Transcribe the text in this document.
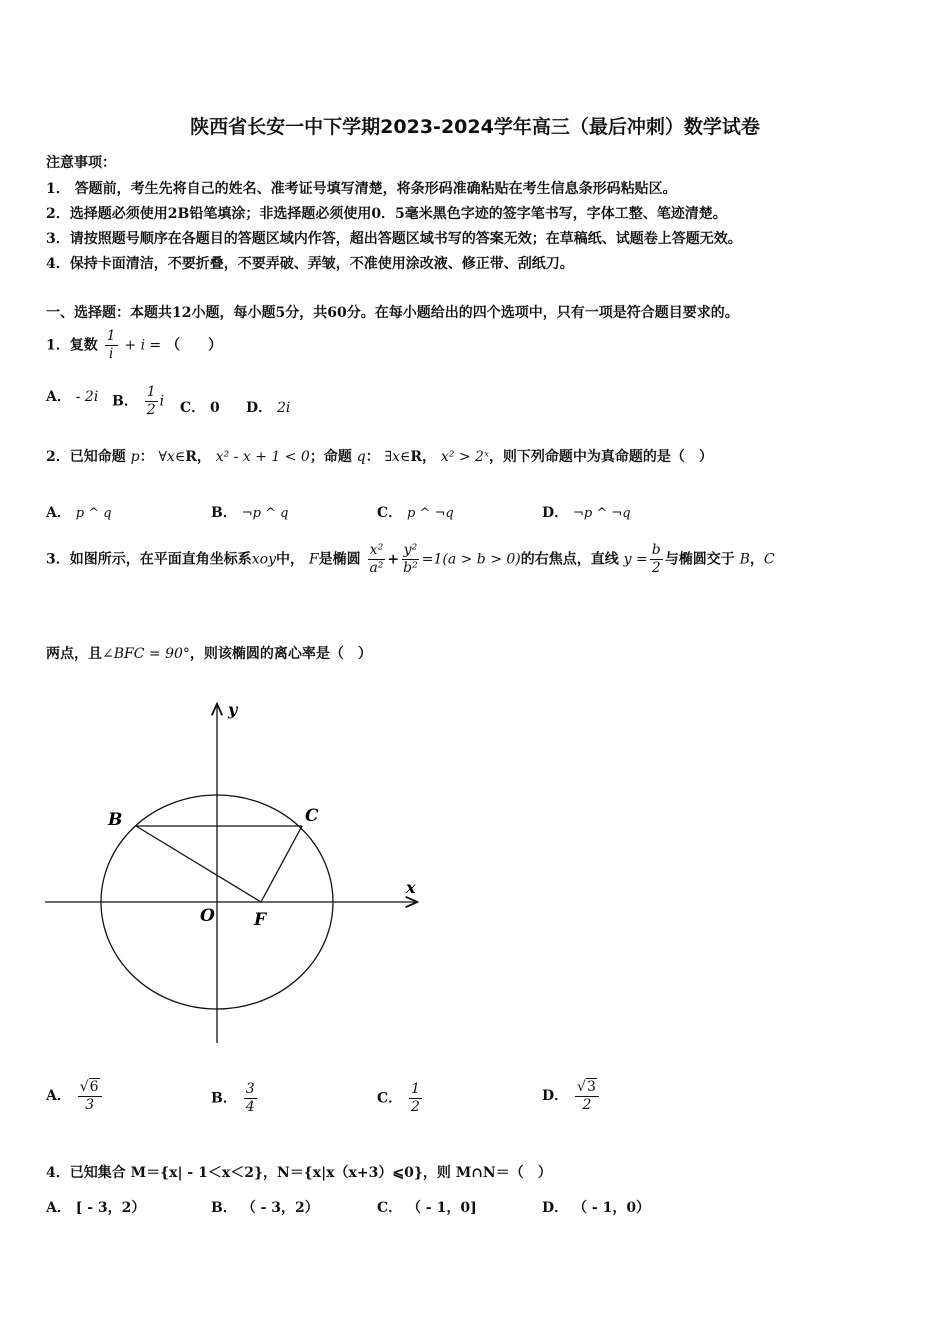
陕西省长安一中下学期2023-2024学年高三（最后冲刺）数学试卷
注意事项：
1． 答题前，考生先将自己的姓名、准考证号填写清楚，将条形码准确粘贴在考生信息条形码粘贴区。
2．选择题必须使用2B铅笔填涂；非选择题必须使用0．5毫米黑色字迹的签字笔书写，字体工整、笔迹清楚。
3．请按照题号顺序在各题目的答题区域内作答，超出答题区域书写的答案无效；在草稿纸、试题卷上答题无效。
4．保持卡面清洁，不要折叠，不要弄破、弄皱，不准使用涂改液、修正带、刮纸刀。
一、选择题：本题共12小题，每小题5分，共60分。在每小题给出的四个选项中，只有一项是符合题目要求的。
1．复数 $\frac{1}{i} + i$ = （　　）
A． - 2i B． $\frac{1}{2}$ i C． 0 D． 2i
2．已知命题 p： ∀x∈R， x² - x + 1 < 0；命题 q： ∃x∈R， x² > 2ˣ，则下列命题中为真命题的是（　）
A． p ^ q	B． ¬p ^ q	C． p ^ ¬q	D． ¬p ^ ¬q
3．如图所示，在平面直角坐标系xoy中， F是椭圆 $\frac{\text{x²}}{\text{a²}} + \frac{\text{y²}}{\text{b²}} =1(a > b > 0)$的右焦点，直线 $y = \frac{b}{2}$ 与椭圆交于 B，C
两点，且∠BFC = 90°，则该椭圆的离心率是（　）
y
x
B	C
O F
A． $\frac{√6}{3}$	B． $\frac{3}{4}$	C． $\frac{1}{2}$	D． $\frac{√3}{2}$
4．已知集合 M＝{x| - 1＜x＜2}，N＝{x|x（x+3）⩽0}，则 M∩N＝（　）
A． [ - 3，2）	B． （ - 3，2）	C． （ - 1，0]	D． （ - 1，0）
